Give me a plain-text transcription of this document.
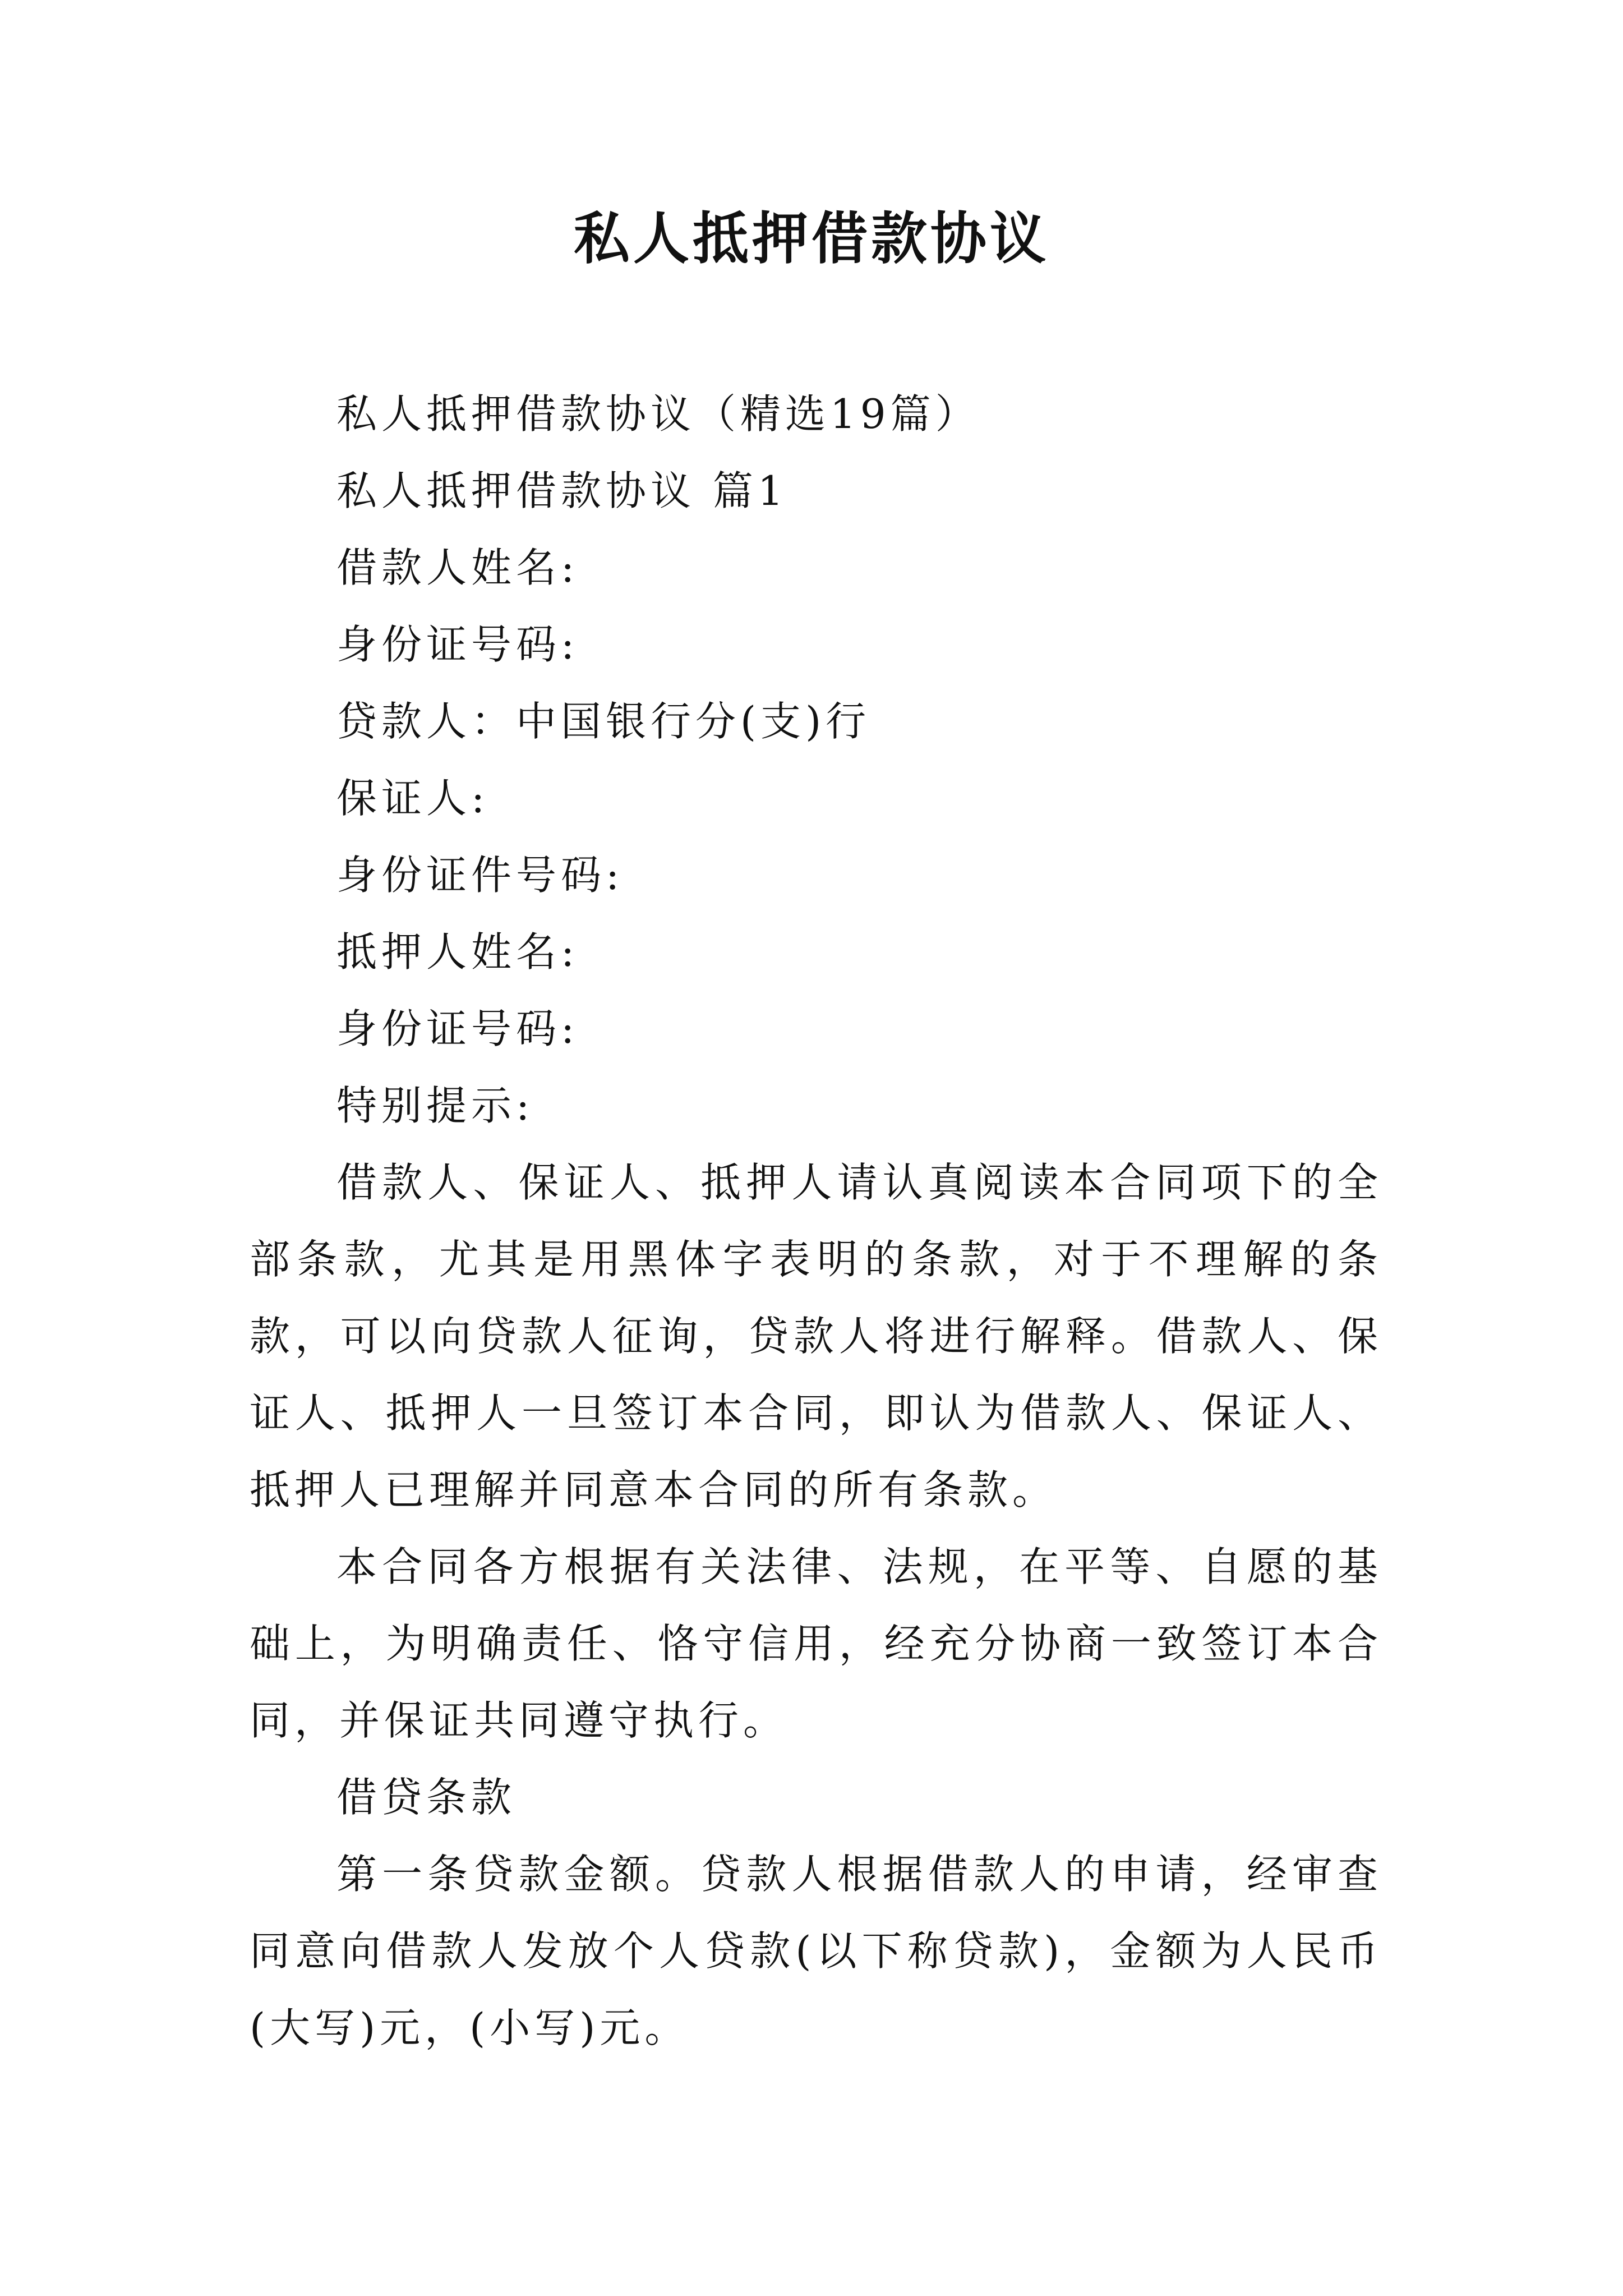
私人抵押借款协议

私人抵押借款协议（精选19篇）

私人抵押借款协议 篇1

借款人姓名:

身份证号码:

贷款人：中国银行分(支)行

保证人:

身份证件号码:

抵押人姓名:

身份证号码:

特别提示:

借款人、保证人、抵押人请认真阅读本合同项下的全部条款，尤其是用黑体字表明的条款，对于不理解的条款，可以向贷款人征询，贷款人将进行解释。借款人、保证人、抵押人一旦签订本合同，即认为借款人、保证人、抵押人已理解并同意本合同的所有条款。

本合同各方根据有关法律、法规，在平等、自愿的基础上，为明确责任、恪守信用，经充分协商一致签订本合同，并保证共同遵守执行。

借贷条款

第一条贷款金额。贷款人根据借款人的申请，经审查同意向借款人发放个人贷款(以下称贷款)，金额为人民币(大写)元，(小写)元。
